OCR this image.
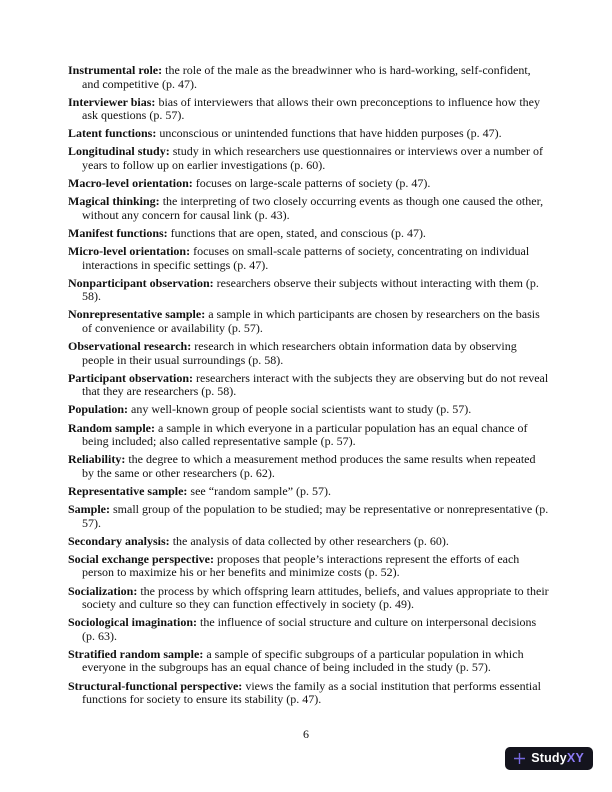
Instrumental role: the role of the male as the breadwinner who is hard-working, self-confident, and competitive (p. 47).

Interviewer bias: bias of interviewers that allows their own preconceptions to influence how they ask questions (p. 57).

Latent functions: unconscious or unintended functions that have hidden purposes (p. 47).

Longitudinal study: study in which researchers use questionnaires or interviews over a number of years to follow up on earlier investigations (p. 60).

Macro-level orientation: focuses on large-scale patterns of society (p. 47).

Magical thinking: the interpreting of two closely occurring events as though one caused the other, without any concern for causal link (p. 43).

Manifest functions: functions that are open, stated, and conscious (p. 47).

Micro-level orientation: focuses on small-scale patterns of society, concentrating on individual interactions in specific settings (p. 47).

Nonparticipant observation: researchers observe their subjects without interacting with them (p. 58).

Nonrepresentative sample: a sample in which participants are chosen by researchers on the basis of convenience or availability (p. 57).

Observational research: research in which researchers obtain information data by observing people in their usual surroundings (p. 58).

Participant observation: researchers interact with the subjects they are observing but do not reveal that they are researchers (p. 58).

Population: any well-known group of people social scientists want to study (p. 57).

Random sample: a sample in which everyone in a particular population has an equal chance of being included; also called representative sample (p. 57).

Reliability: the degree to which a measurement method produces the same results when repeated by the same or other researchers (p. 62).

Representative sample: see “random sample” (p. 57).

Sample: small group of the population to be studied; may be representative or nonrepresentative (p. 57).

Secondary analysis: the analysis of data collected by other researchers (p. 60).

Social exchange perspective: proposes that people’s interactions represent the efforts of each person to maximize his or her benefits and minimize costs (p. 52).

Socialization: the process by which offspring learn attitudes, beliefs, and values appropriate to their society and culture so they can function effectively in society (p. 49).

Sociological imagination: the influence of social structure and culture on interpersonal decisions (p. 63).

Stratified random sample: a sample of specific subgroups of a particular population in which everyone in the subgroups has an equal chance of being included in the study (p. 57).

Structural-functional perspective: views the family as a social institution that performs essential functions for society to ensure its stability (p. 47).

6
StudyXY
